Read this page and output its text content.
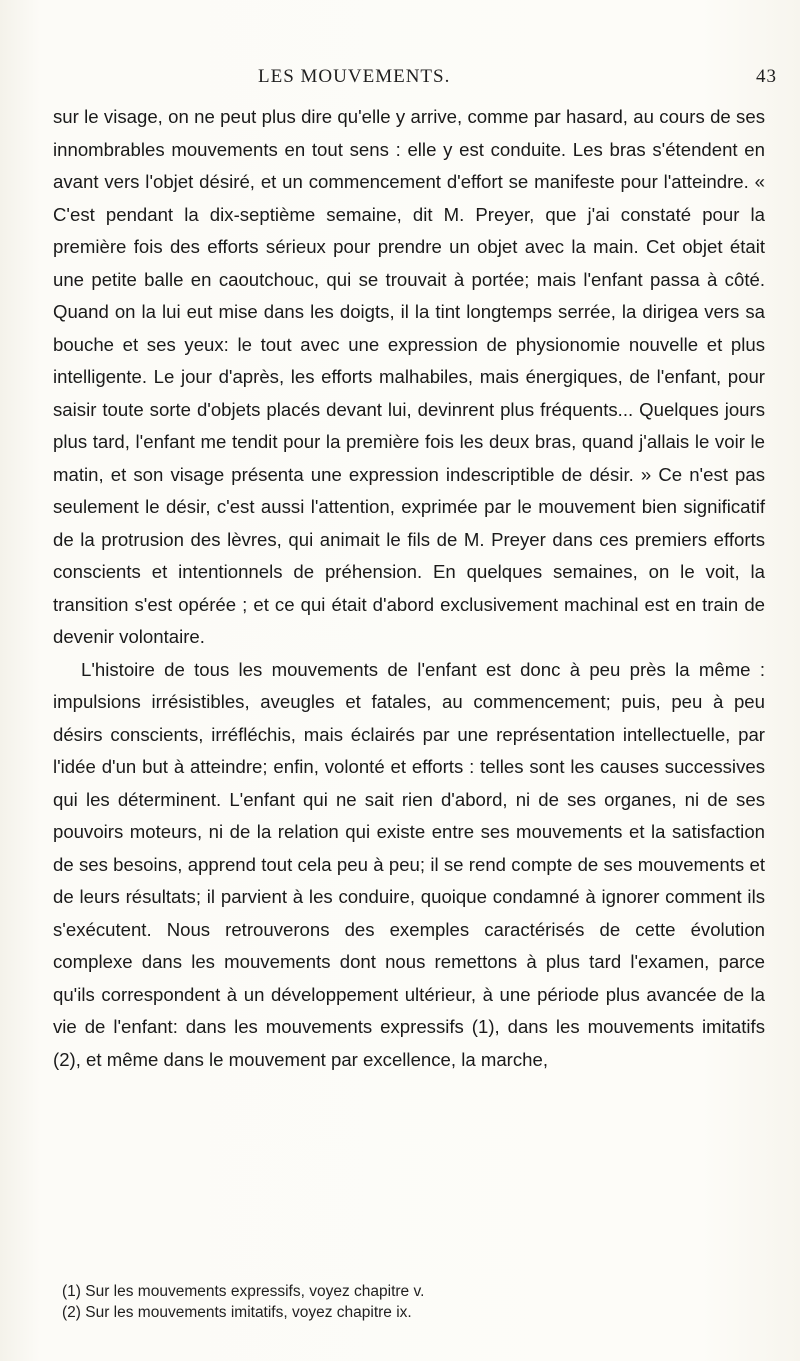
LES MOUVEMENTS.	43

sur le visage, on ne peut plus dire qu'elle y arrive, comme par hasard, au cours de ses innombrables mouvements en tout sens : elle y est conduite. Les bras s'étendent en avant vers l'objet désiré, et un commencement d'effort se manifeste pour l'atteindre. « C'est pendant la dix-septième semaine, dit M. Preyer, que j'ai constaté pour la première fois des efforts sérieux pour prendre un objet avec la main. Cet objet était une petite balle en caoutchouc, qui se trouvait à portée; mais l'enfant passa à côté. Quand on la lui eut mise dans les doigts, il la tint longtemps serrée, la dirigea vers sa bouche et ses yeux: le tout avec une expression de physionomie nouvelle et plus intelligente. Le jour d'après, les efforts malhabiles, mais énergiques, de l'enfant, pour saisir toute sorte d'objets placés devant lui, devinrent plus fréquents... Quelques jours plus tard, l'enfant me tendit pour la première fois les deux bras, quand j'allais le voir le matin, et son visage présenta une expression indescriptible de désir. » Ce n'est pas seulement le désir, c'est aussi l'attention, exprimée par le mouvement bien significatif de la protrusion des lèvres, qui animait le fils de M. Preyer dans ces premiers efforts conscients et intentionnels de préhension. En quelques semaines, on le voit, la transition s'est opérée ; et ce qui était d'abord exclusivement machinal est en train de devenir volontaire.

L'histoire de tous les mouvements de l'enfant est donc à peu près la même : impulsions irrésistibles, aveugles et fatales, au commencement; puis, peu à peu désirs conscients, irréfléchis, mais éclairés par une représentation intellectuelle, par l'idée d'un but à atteindre; enfin, volonté et efforts : telles sont les causes successives qui les déterminent. L'enfant qui ne sait rien d'abord, ni de ses organes, ni de ses pouvoirs moteurs, ni de la relation qui existe entre ses mouvements et la satisfaction de ses besoins, apprend tout cela peu à peu; il se rend compte de ses mouvements et de leurs résultats; il parvient à les conduire, quoique condamné à ignorer comment ils s'exécutent. Nous retrouverons des exemples caractérisés de cette évolution complexe dans les mouvements dont nous remettons à plus tard l'examen, parce qu'ils correspondent à un développement ultérieur, à une période plus avancée de la vie de l'enfant: dans les mouvements expressifs (1), dans les mouvements imitatifs (2), et même dans le mouvement par excellence, la marche,

(1) Sur les mouvements expressifs, voyez chapitre v.
(2) Sur les mouvements imitatifs, voyez chapitre ix.
